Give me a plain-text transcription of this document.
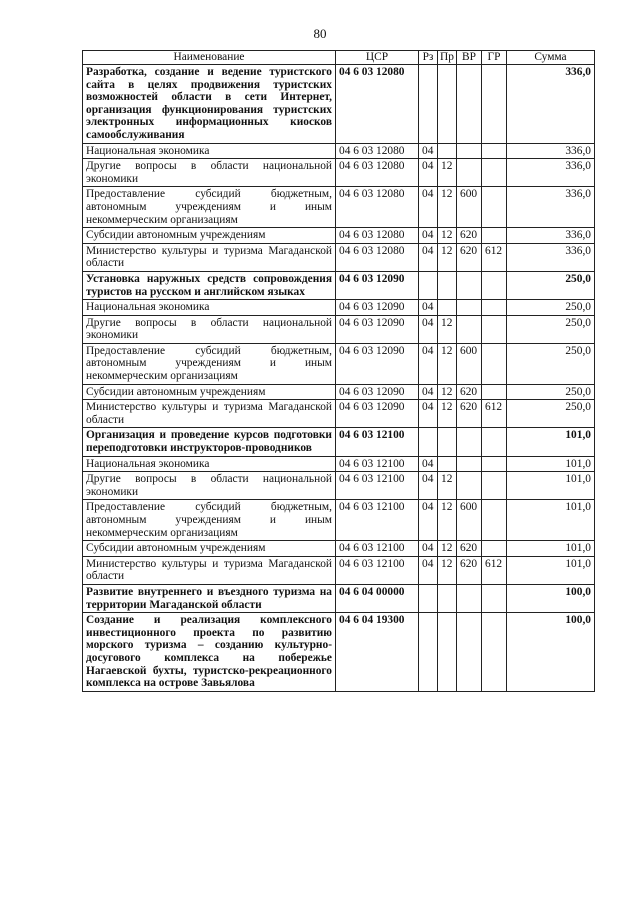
80
Наименование	ЦСР	Рз	Пр	ВР	ГР	Сумма
Разработка, создание и ведение туристского сайта в целях продвижения туристских возможностей области в сети Интернет, организация функционирования туристских электронных информационных киосков самообслуживания	04 6 03 12080					336,0
Национальная экономика	04 6 03 12080	04				336,0
Другие вопросы в области национальной экономики	04 6 03 12080	04	12			336,0
Предоставление субсидий бюджетным, автономным учреждениям и иным некоммерческим организациям	04 6 03 12080	04	12	600		336,0
Субсидии автономным учреждениям	04 6 03 12080	04	12	620		336,0
Министерство культуры и туризма Магаданской области	04 6 03 12080	04	12	620	612	336,0
Установка наружных средств сопровождения туристов на русском и английском языках	04 6 03 12090					250,0
Национальная экономика	04 6 03 12090	04				250,0
Другие вопросы в области национальной экономики	04 6 03 12090	04	12			250,0
Предоставление субсидий бюджетным, автономным учреждениям и иным некоммерческим организациям	04 6 03 12090	04	12	600		250,0
Субсидии автономным учреждениям	04 6 03 12090	04	12	620		250,0
Министерство культуры и туризма Магаданской области	04 6 03 12090	04	12	620	612	250,0
Организация и проведение курсов подготовки переподготовки инструкторов-проводников	04 6 03 12100					101,0
Национальная экономика	04 6 03 12100	04				101,0
Другие вопросы в области национальной экономики	04 6 03 12100	04	12			101,0
Предоставление субсидий бюджетным, автономным учреждениям и иным некоммерческим организациям	04 6 03 12100	04	12	600		101,0
Субсидии автономным учреждениям	04 6 03 12100	04	12	620		101,0
Министерство культуры и туризма Магаданской области	04 6 03 12100	04	12	620	612	101,0
Развитие внутреннего и въездного туризма на территории Магаданской области	04 6 04 00000					100,0
Создание и реализация комплексного инвестиционного проекта по развитию морского туризма – созданию культурно-досугового комплекса на побережье Нагаевской бухты, туристско-рекреационного комплекса на острове Завьялова	04 6 04 19300					100,0
